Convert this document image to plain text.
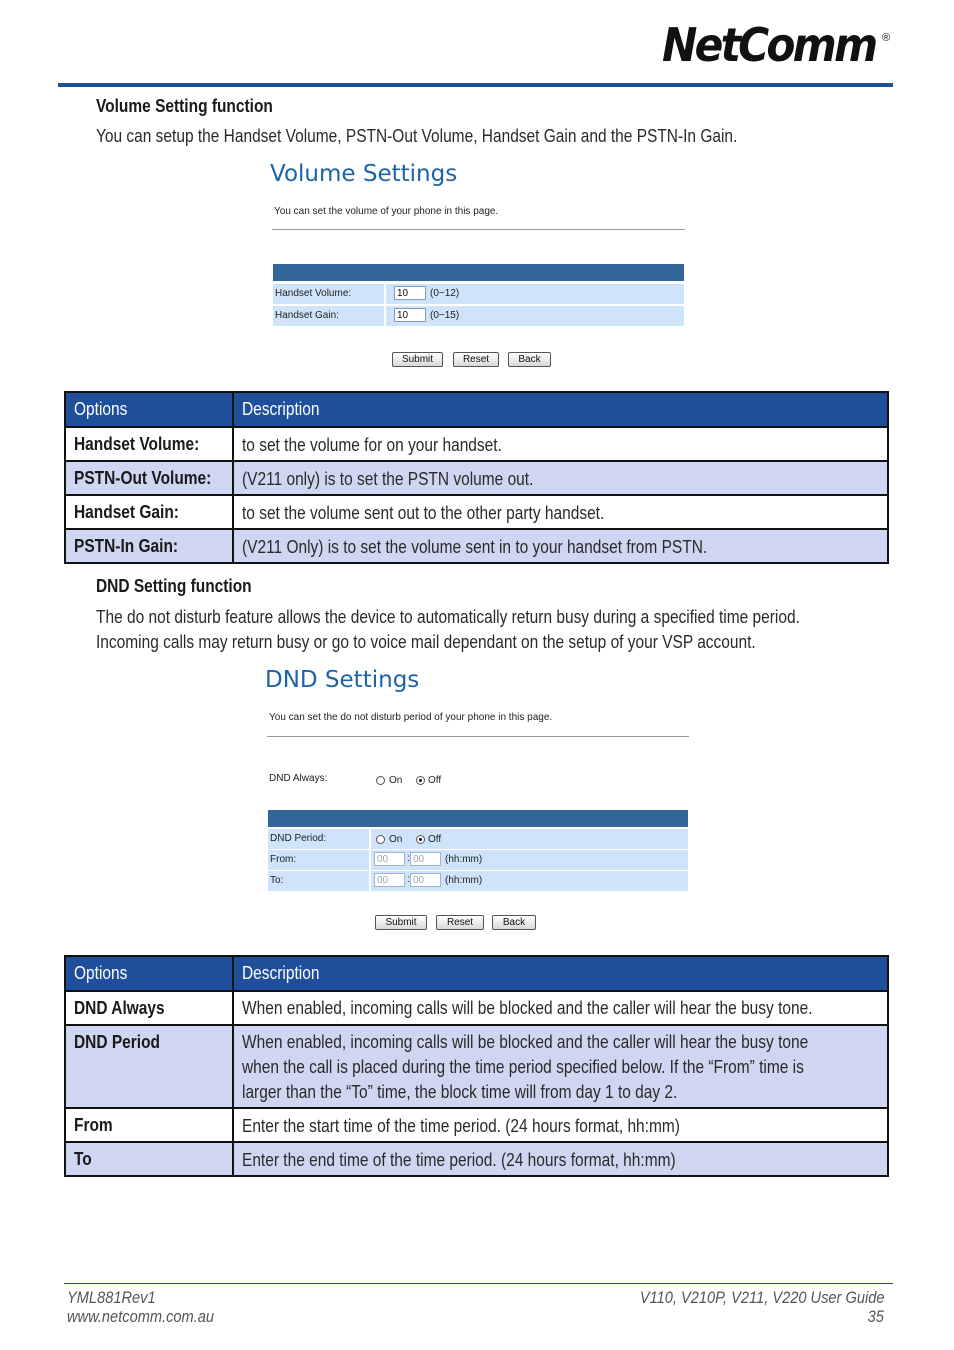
NetComm ®
Volume Setting function
You can setup the Handset Volume, PSTN-Out Volume, Handset Gain and the PSTN-In Gain.
Volume Settings
You can set the volume of your phone in this page.
Handset Volume:	10	(0~12)
Handset Gain:	10	(0~15)
Submit	Reset	Back
Options	Description
Handset Volume:	to set the volume for on your handset.
PSTN-Out Volume:	(V211 only) is to set the PSTN volume out.
Handset Gain:	to set the volume sent out to the other party handset.
PSTN-In Gain:	(V211 Only) is to set the volume sent in to your handset from PSTN.
DND Setting function
The do not disturb feature allows the device to automatically return busy during a specified time period.
Incoming calls may return busy or go to voice mail dependant on the setup of your VSP account.
DND Settings
You can set the do not disturb period of your phone in this page.
DND Always:	On	Off
DND Period:	On	Off
From:	00	: 00	(hh:mm)
To:	00	: 00	(hh:mm)
Submit	Reset	Back
Options	Description
DND Always	When enabled, incoming calls will be blocked and the caller will hear the busy tone.
DND Period	When enabled, incoming calls will be blocked and the caller will hear the busy tone
when the call is placed during the time period specified below. If the “From” time is
larger than the “To” time, the block time will from day 1 to day 2.
From	Enter the start time of the time period. (24 hours format, hh:mm)
To	Enter the end time of the time period. (24 hours format, hh:mm)
YML881Rev1
www.netcomm.com.au
V110, V210P, V211, V220 User Guide
35
